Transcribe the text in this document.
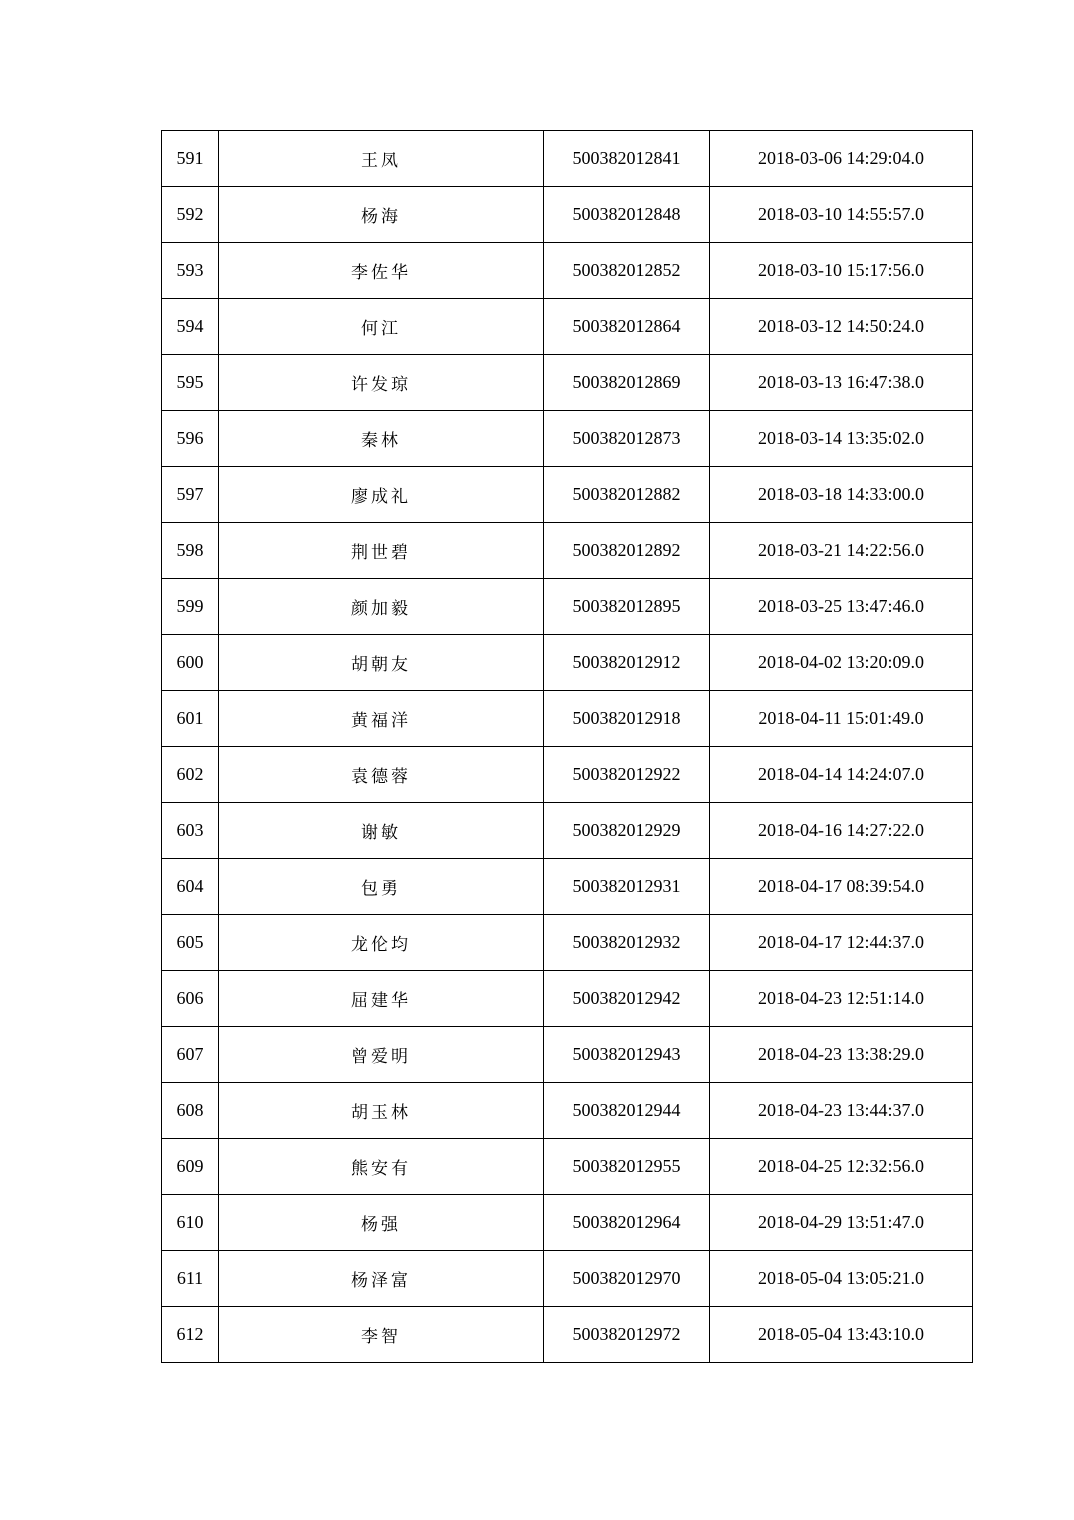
591	王凤	500382012841	2018-03-06 14:29:04.0
592	杨海	500382012848	2018-03-10 14:55:57.0
593	李佐华	500382012852	2018-03-10 15:17:56.0
594	何江	500382012864	2018-03-12 14:50:24.0
595	许发琼	500382012869	2018-03-13 16:47:38.0
596	秦林	500382012873	2018-03-14 13:35:02.0
597	廖成礼	500382012882	2018-03-18 14:33:00.0
598	荆世碧	500382012892	2018-03-21 14:22:56.0
599	颜加毅	500382012895	2018-03-25 13:47:46.0
600	胡朝友	500382012912	2018-04-02 13:20:09.0
601	黄福洋	500382012918	2018-04-11 15:01:49.0
602	袁德蓉	500382012922	2018-04-14 14:24:07.0
603	谢敏	500382012929	2018-04-16 14:27:22.0
604	包勇	500382012931	2018-04-17 08:39:54.0
605	龙伦均	500382012932	2018-04-17 12:44:37.0
606	屈建华	500382012942	2018-04-23 12:51:14.0
607	曾爱明	500382012943	2018-04-23 13:38:29.0
608	胡玉林	500382012944	2018-04-23 13:44:37.0
609	熊安有	500382012955	2018-04-25 12:32:56.0
610	杨强	500382012964	2018-04-29 13:51:47.0
611	杨泽富	500382012970	2018-05-04 13:05:21.0
612	李智	500382012972	2018-05-04 13:43:10.0
